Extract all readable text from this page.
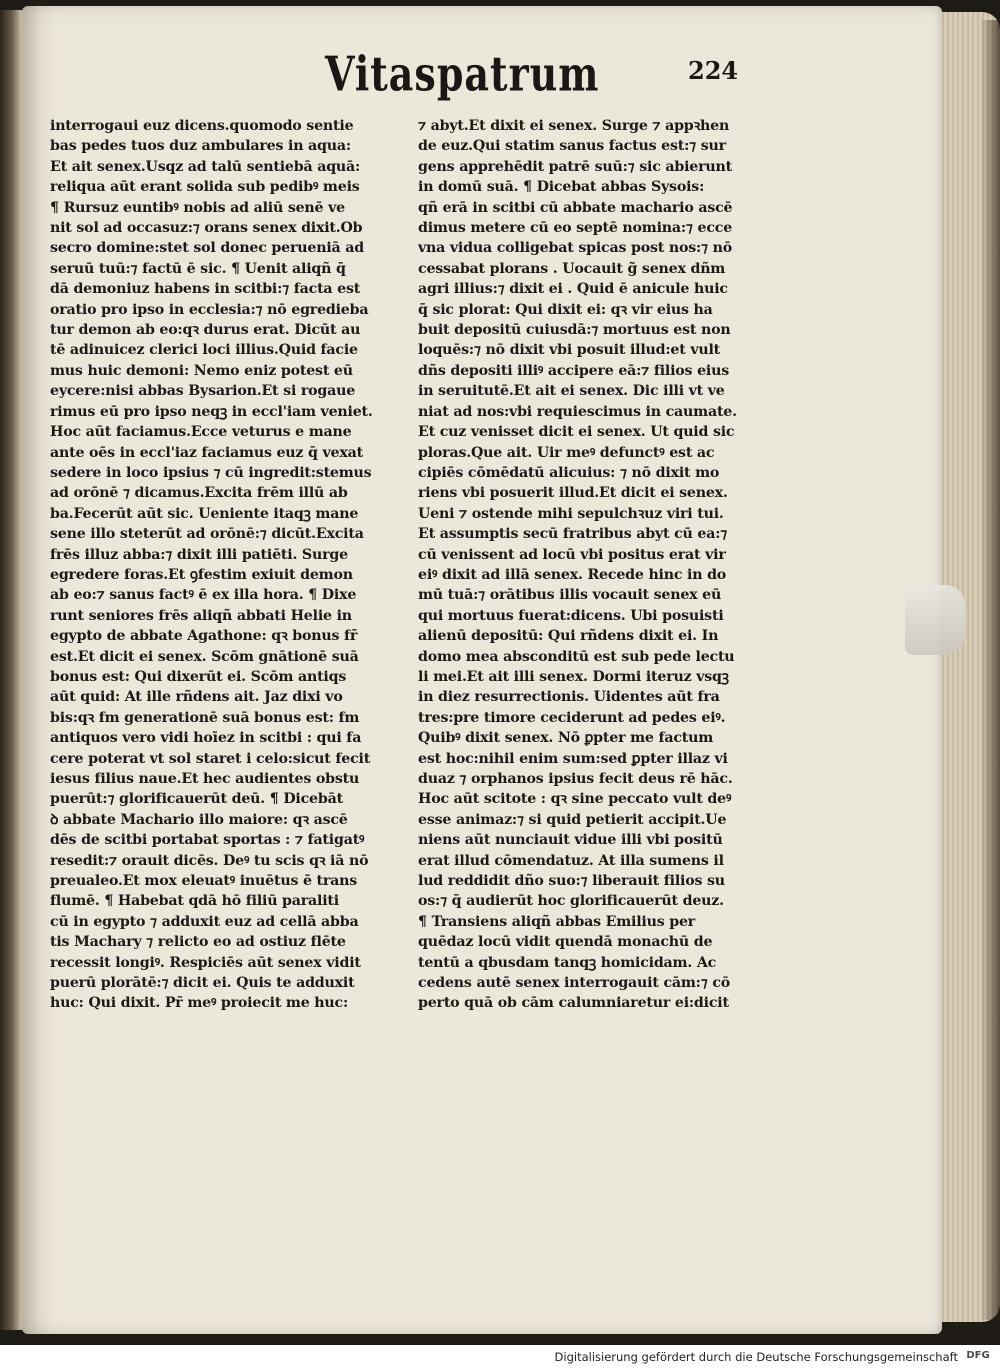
Vitaspatrum	224
interrogaui euz dicens.quomodo sentie
bas pedes tuos duz ambulares in aqua:
Et ait senex.Usqz ad talū sentiebā aquā:
reliqua aūt erant solida sub pedibꝰ meis
¶ Rursuz euntibꝰ nobis ad aliū senē ve
nit sol ad occasuz:⁊ orans senex dixit.Ob
secro domine:stet sol donec perueniā ad
seruū tuū:⁊ factū ē sic. ¶ Uenit aliqñ q̄
dā demoniuz habens in scitbi:⁊ facta est
oratio pro ipso in ecclesia:⁊ nō egredieba
tur demon ab eo:qꝛ durus erat. Dicūt au
tē adinuicez clerici loci illius.Quid facie
mus huic demoni: Nemo eniz potest eū
eycere:nisi abbas Bysarion.Et si rogaue
rimus eū pro ipso neqꝫ in eccl'iam veniet.
Hoc aūt faciamus.Ecce veturus e mane
ante oēs in eccl'iaz faciamus euz q̄ vexat
sedere in loco ipsius ⁊ cū ingredit:stemus
ad orōnē ⁊ dicamus.Excita frēm illū ab
ba.Fecerūt aūt sic. Ueniente itaqꝫ mane
sene illo steterūt ad orōnē:⁊ dicūt.Excita
frēs illuz abba:⁊ dixit illi patiēti. Surge
egredere foras.Et ꝯfestim exiuit demon
ab eo:⁊ sanus factꝰ ē ex illa hora. ¶ Dixe
runt seniores frēs aliqñ abbati Helie in
egypto de abbate Agathone: qꝛ bonus fr̄
est.Et dicit ei senex. Scōm gnātionē suā
bonus est: Qui dixerūt ei. Scōm antiqs
aūt quid: At ille rñdens ait. Jaz dixi vo
bis:qꝛ fm generationē suā bonus est: fm
antiquos vero vidi hoīez in scitbi : qui fa
cere poterat vt sol staret i celo:sicut fecit
iesus filius naue.Et hec audientes obstu
puerūt:⁊ glorificauerūt deū. ¶ Dicebāt
ꝺ abbate Machario illo maiore: qꝛ ascē
dēs de scitbi portabat sportas : ⁊ fatigatꝰ
resedit:⁊ orauit dicēs. Deꝰ tu scis qꝛ iā nō
preualeo.Et mox eleuatꝰ inuētus ē trans
flumē. ¶ Habebat qdā hō filiū paraliti
cū in egypto ⁊ adduxit euz ad cellā abba
tis Machary ⁊ relicto eo ad ostiuz flēte
recessit longiꝰ. Respiciēs aūt senex vidit
puerū plorātē:⁊ dicit ei. Quis te adduxit
huc: Qui dixit. Pr̄ meꝰ proiecit me huc:
⁊ abyt.Et dixit ei senex. Surge ⁊ appꝛhen
de euz.Qui statim sanus factus est:⁊ sur
gens apprehēdit patrē suū:⁊ sic abierunt
in domū suā. ¶ Dicebat abbas Sysois:
qñ erā in scitbi cū abbate machario ascē
dimus metere cū eo septē nomina:⁊ ecce
vna vidua colligebat spicas post nos:⁊ nō
cessabat plorans . Uocauit g̃ senex dñm
agri illius:⁊ dixit ei . Quid ē anicule huic
q̄ sic plorat: Qui dixit ei: qꝛ vir eius ha
buit depositū cuiusdā:⁊ mortuus est non
loquēs:⁊ nō dixit vbi posuit illud:et vult
dñs depositi illiꝰ accipere eā:⁊ filios eius
in seruitutē.Et ait ei senex. Dic illi vt ve
niat ad nos:vbi requiescimus in caumate.
Et cuz venisset dicit ei senex. Ut quid sic
ploras.Que ait. Uir meꝰ defunctꝰ est ac
cipiēs cōmēdatū alicuius: ⁊ nō dixit mo
riens vbi posuerit illud.Et dicit ei senex.
Ueni ⁊ ostende mihi sepulchꝛuz viri tui.
Et assumptis secū fratribus abyt cū ea:⁊
cū venissent ad locū vbi positus erat vir
eiꝰ dixit ad illā senex. Recede hinc in do
mū tuā:⁊ orātibus illis vocauit senex eū
qui mortuus fuerat:dicens. Ubi posuisti
alienū depositū: Qui rñdens dixit ei. In
domo mea absconditū est sub pede lectu
li mei.Et ait illi senex. Dormi iteruz vsqꝫ
in diez resurrectionis. Uidentes aūt fra
tres:pre timore ceciderunt ad pedes eiꝰ.
Quibꝰ dixit senex. Nō ꝑpter me factum
est hoc:nihil enim sum:sed ꝑpter illaz vi
duaz ⁊ orphanos ipsius fecit deus rē hāc.
Hoc aūt scitote : qꝛ sine peccato vult deꝰ
esse animaz:⁊ si quid petierit accipit.Ue
niens aūt nunciauit vidue illi vbi positū
erat illud cōmendatuz. At illa sumens il
lud reddidit dño suo:⁊ liberauit filios su
os:⁊ q̄ audierūt hoc glorificauerūt deuz.
¶ Transiens aliqñ abbas Emilius per
quēdaz locū vidit quendā monachū de
tentū a qbusdam tanqꝫ homicidam. Ac
cedens autē senex interrogauit cām:⁊ cō
perto quā ob cām calumniaretur ei:dicit
Digitalisierung gefördert durch die Deutsche Forschungsgemeinschaft DFG
